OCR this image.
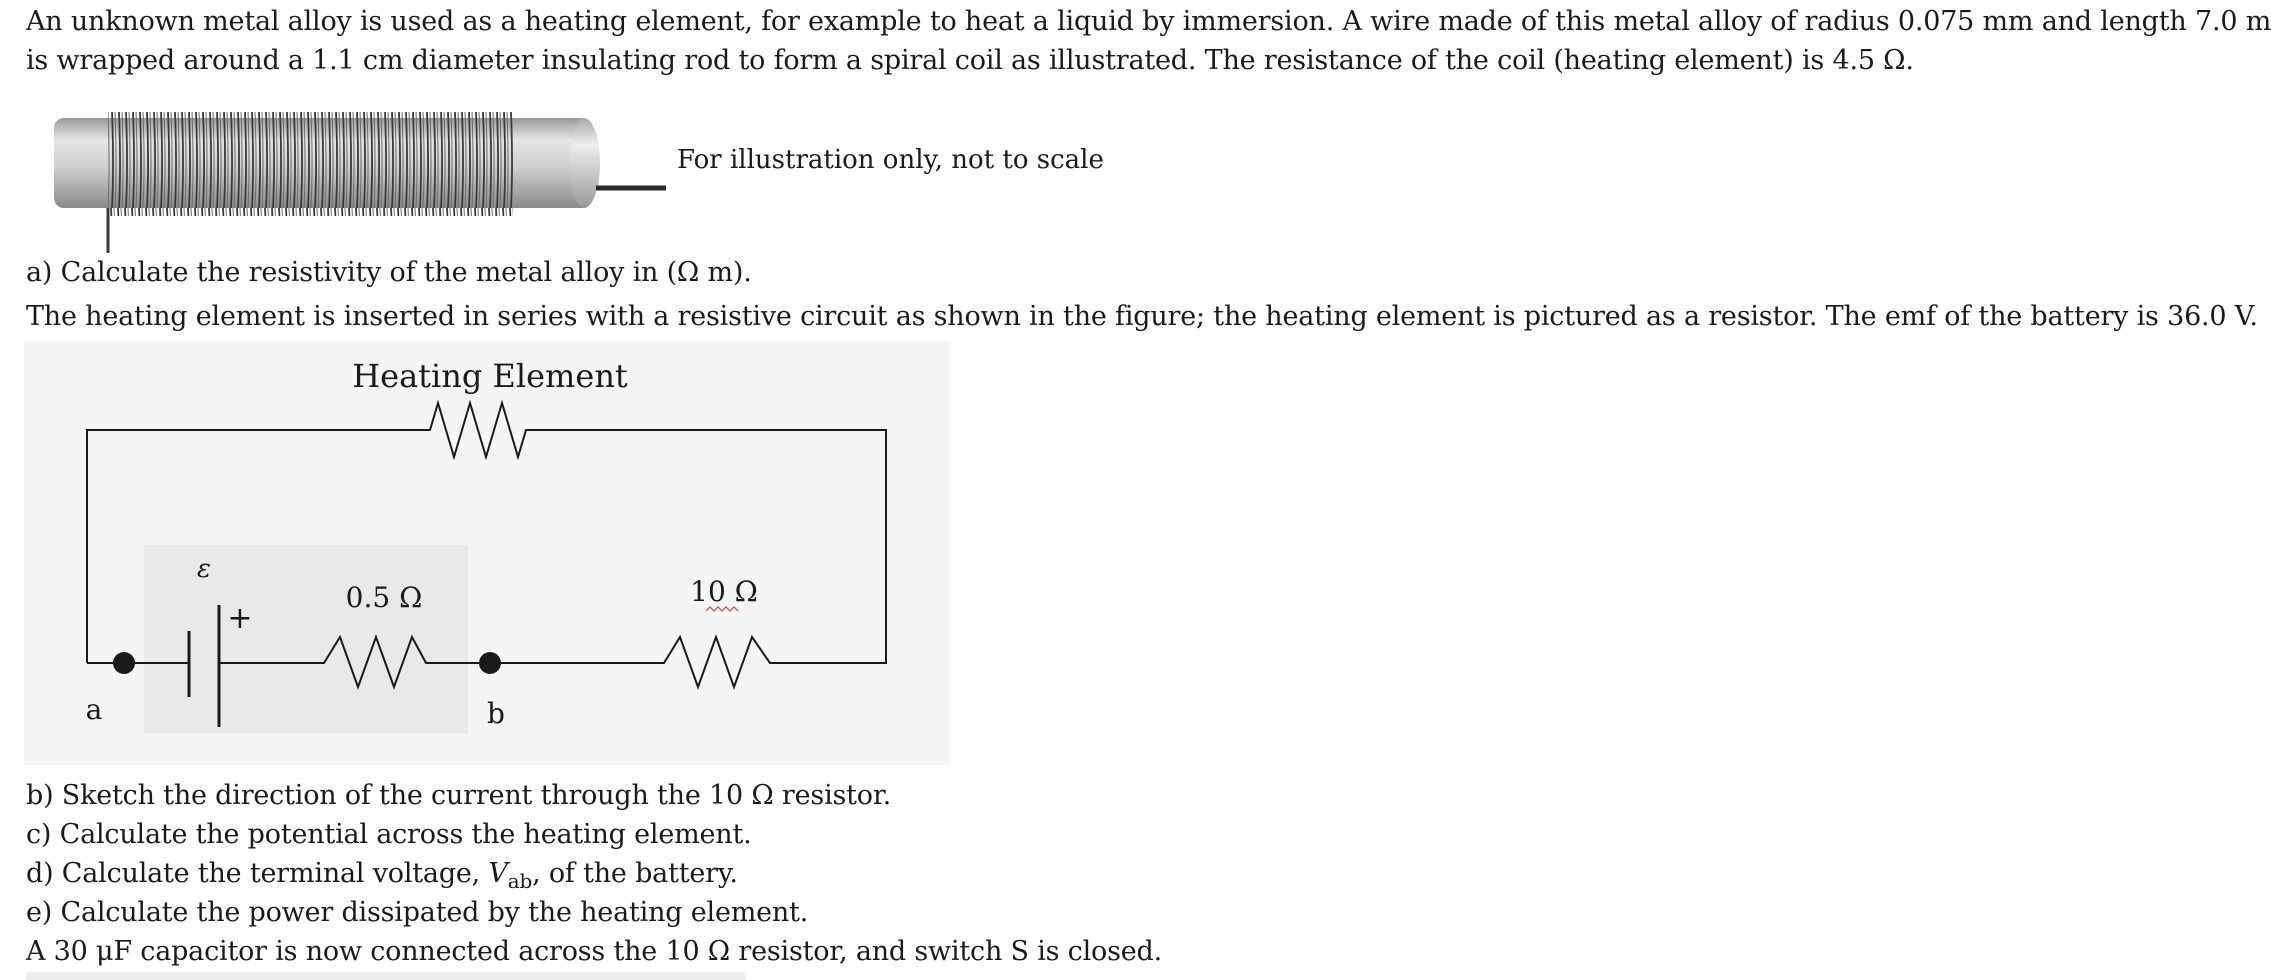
An unknown metal alloy is used as a heating element, for example to heat a liquid by immersion. A wire made of this metal alloy of radius 0.075 mm and length 7.0 m
is wrapped around a 1.1 cm diameter insulating rod to form a spiral coil as illustrated. The resistance of the coil (heating element) is 4.5 Ω.
For illustration only, not to scale
a) Calculate the resistivity of the metal alloy in (Ω m).
The heating element is inserted in series with a resistive circuit as shown in the figure; the heating element is pictured as a resistor. The emf of the battery is 36.0 V.
Heating Element
ε
+
0.5 Ω	10 Ω
a	b
b) Sketch the direction of the current through the 10 Ω resistor.
c) Calculate the potential across the heating element.
d) Calculate the terminal voltage, $V_{ab}$, of the battery.
e) Calculate the power dissipated by the heating element.
A 30 μF capacitor is now connected across the 10 Ω resistor, and switch S is closed.
